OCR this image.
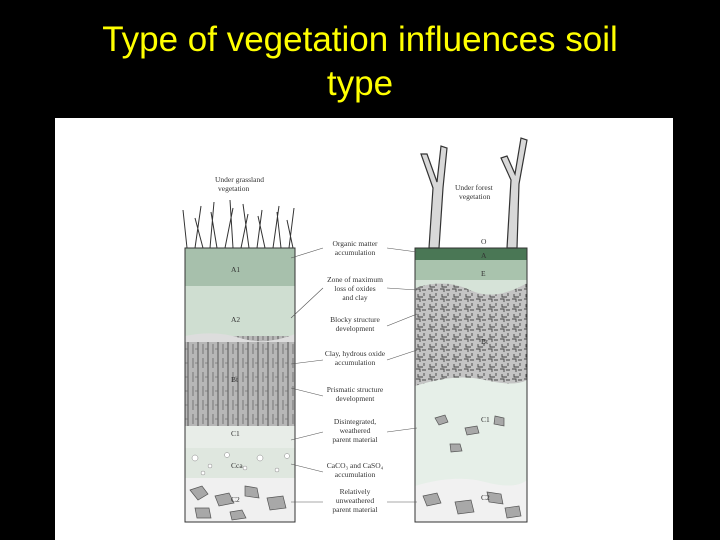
Type of vegetation influences soil
type
Under grassland
vegetation
A1
A2
Bt
C1
Cca
C2
Under forest
vegetation
O
A
E
Bt
C1
C2
Organic matter
accumulation
Zone of maximum
loss of oxides
and clay
Blocky structure
development
Clay, hydrous oxide
accumulation
Prismatic structure
development
Disintegrated,
weathered
parent material
CaCO₃ and CaSO₄
accumulation
Relatively
unweathered
parent material
